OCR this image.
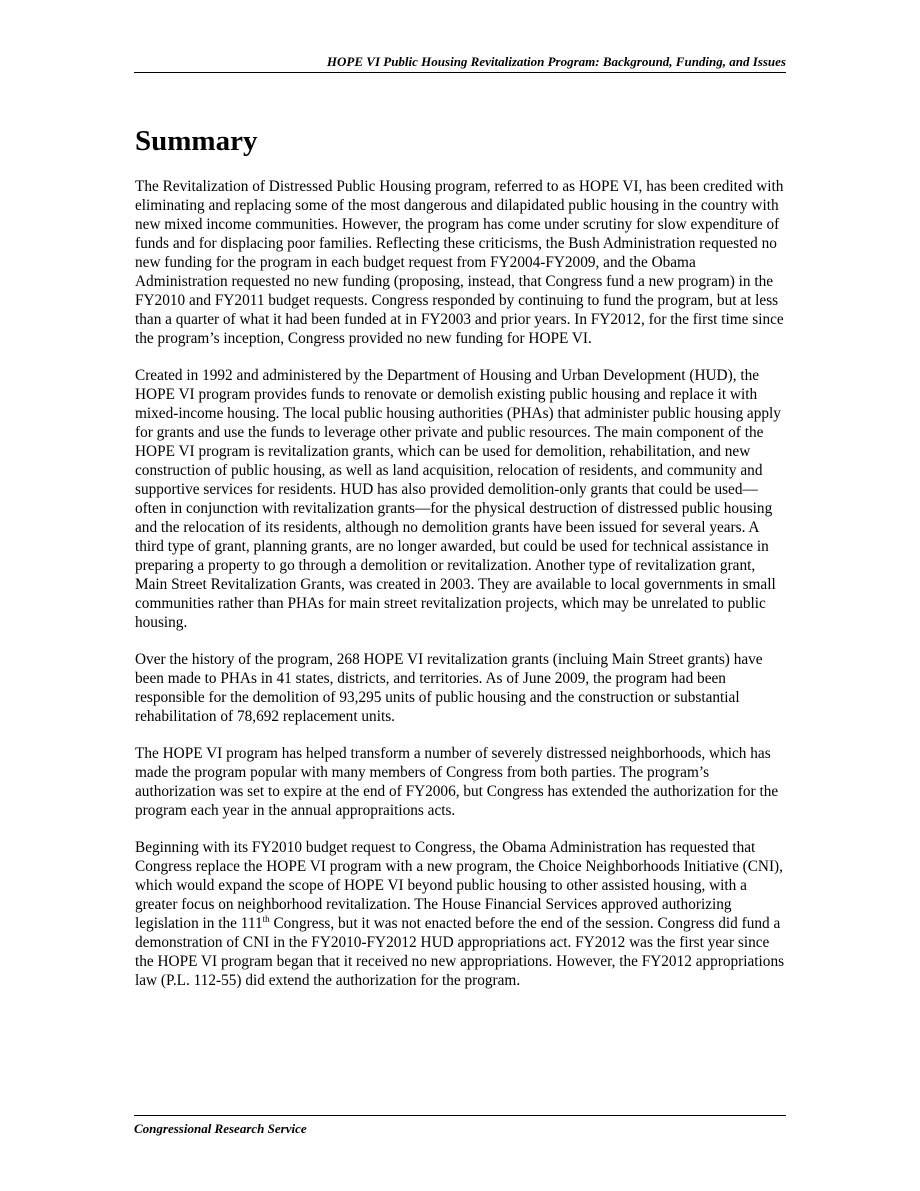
HOPE VI Public Housing Revitalization Program: Background, Funding, and Issues
Summary

The Revitalization of Distressed Public Housing program, referred to as HOPE VI, has been credited with eliminating and replacing some of the most dangerous and dilapidated public housing in the country with new mixed income communities. However, the program has come under scrutiny for slow expenditure of funds and for displacing poor families. Reflecting these criticisms, the Bush Administration requested no new funding for the program in each budget request from FY2004-FY2009, and the Obama Administration requested no new funding (proposing, instead, that Congress fund a new program) in the FY2010 and FY2011 budget requests. Congress responded by continuing to fund the program, but at less than a quarter of what it had been funded at in FY2003 and prior years. In FY2012, for the first time since the program’s inception, Congress provided no new funding for HOPE VI.

Created in 1992 and administered by the Department of Housing and Urban Development (HUD), the HOPE VI program provides funds to renovate or demolish existing public housing and replace it with mixed-income housing. The local public housing authorities (PHAs) that administer public housing apply for grants and use the funds to leverage other private and public resources. The main component of the HOPE VI program is revitalization grants, which can be used for demolition, rehabilitation, and new construction of public housing, as well as land acquisition, relocation of residents, and community and supportive services for residents. HUD has also provided demolition-only grants that could be used—often in conjunction with revitalization grants—for the physical destruction of distressed public housing and the relocation of its residents, although no demolition grants have been issued for several years. A third type of grant, planning grants, are no longer awarded, but could be used for technical assistance in preparing a property to go through a demolition or revitalization. Another type of revitalization grant, Main Street Revitalization Grants, was created in 2003. They are available to local governments in small communities rather than PHAs for main street revitalization projects, which may be unrelated to public housing.

Over the history of the program, 268 HOPE VI revitalization grants (incluing Main Street grants) have been made to PHAs in 41 states, districts, and territories. As of June 2009, the program had been responsible for the demolition of 93,295 units of public housing and the construction or substantial rehabilitation of 78,692 replacement units.

The HOPE VI program has helped transform a number of severely distressed neighborhoods, which has made the program popular with many members of Congress from both parties. The program’s authorization was set to expire at the end of FY2006, but Congress has extended the authorization for the program each year in the annual appropraitions acts.

Beginning with its FY2010 budget request to Congress, the Obama Administration has requested that Congress replace the HOPE VI program with a new program, the Choice Neighborhoods Initiative (CNI), which would expand the scope of HOPE VI beyond public housing to other assisted housing, with a greater focus on neighborhood revitalization. The House Financial Services approved authorizing legislation in the 111th Congress, but it was not enacted before the end of the session. Congress did fund a demonstration of CNI in the FY2010-FY2012 HUD appropriations act. FY2012 was the first year since the HOPE VI program began that it received no new appropriations. However, the FY2012 appropriations law (P.L. 112-55) did extend the authorization for the program.

Congressional Research Service
